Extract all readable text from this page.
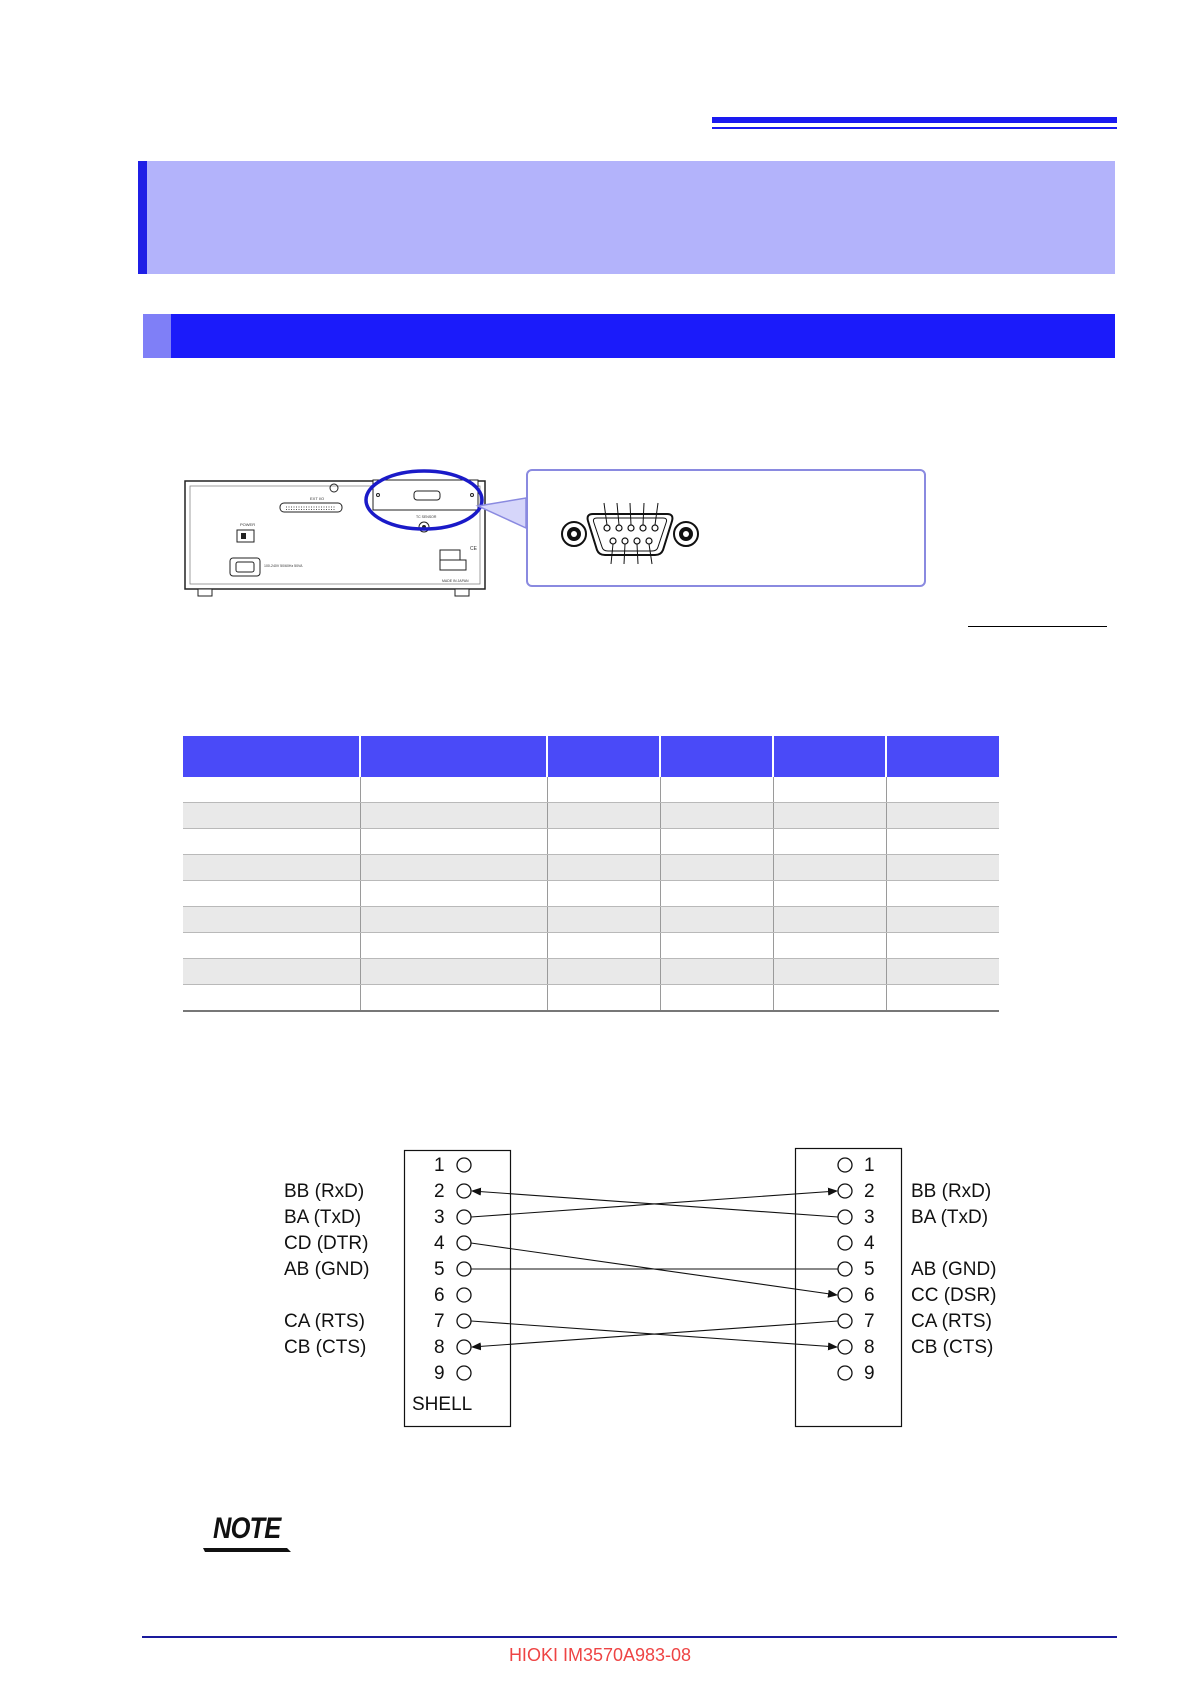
EXT I/O
POWER
100-240V 50/60Hz 50VA
TC SENSOR
CE
MADE IN JAPAN

1
2
3
4
5
6
7
8
9
SHELL
1
2
3
4
5
6
7
8
9
BB (RxD)
BA (TxD)
CD (DTR)
AB (GND)
CA (RTS)
CB (CTS)
BB (RxD)
BA (TxD)
AB (GND)
CC (DSR)
CA (RTS)
CB (CTS)
NOTE
HIOKI IM3570A983-08
